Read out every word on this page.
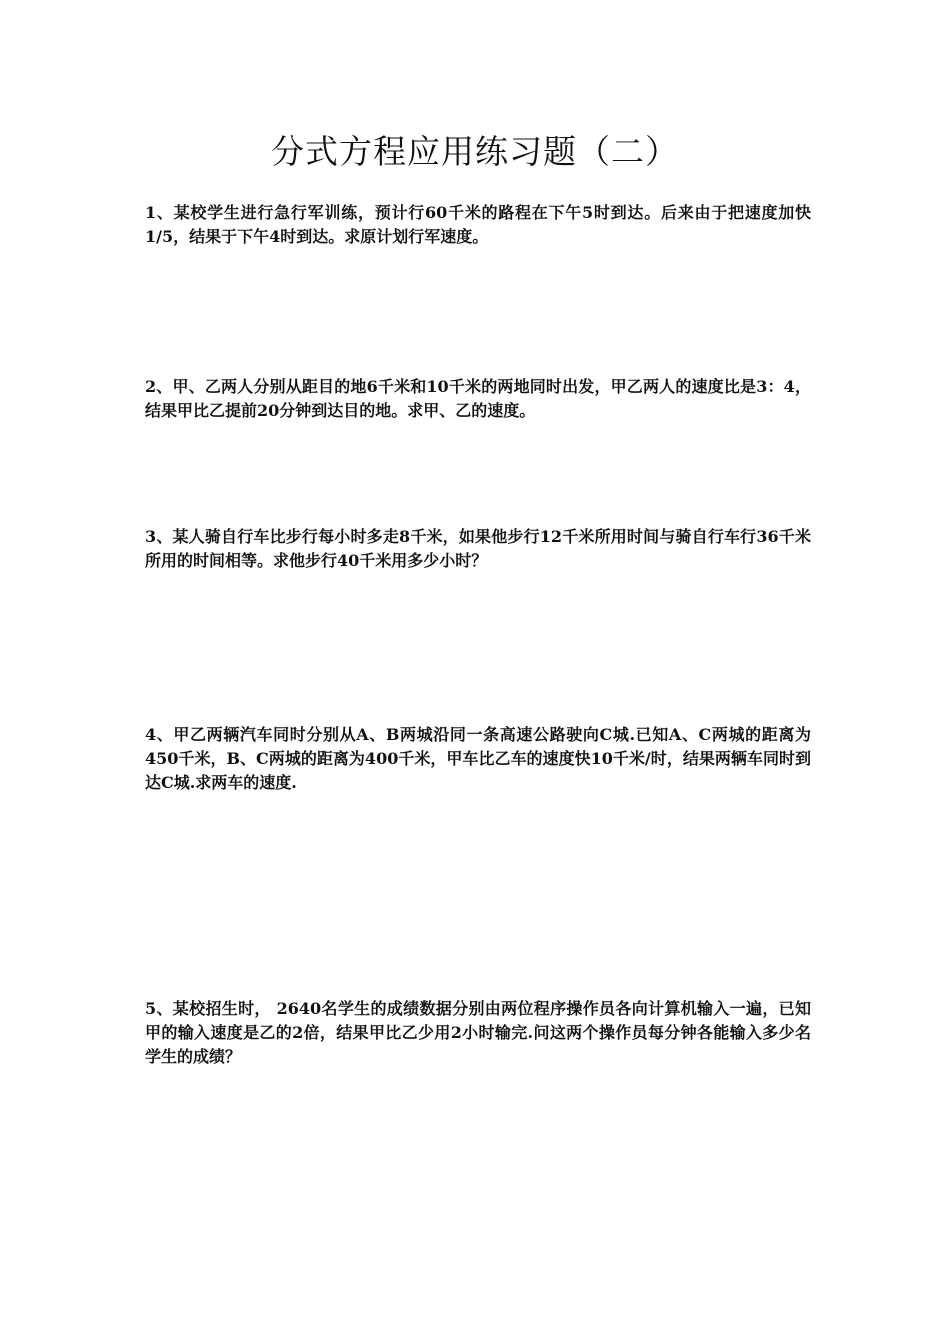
分式方程应用练习题（二）

1、某校学生进行急行军训练，预计行60千米的路程在下午5时到达。后来由于把速度加快1/5，结果于下午4时到达。求原计划行军速度。

2、甲、乙两人分别从距目的地6千米和10千米的两地同时出发，甲乙两人的速度比是3：4，结果甲比乙提前20分钟到达目的地。求甲、乙的速度。

3、某人骑自行车比步行每小时多走8千米，如果他步行12千米所用时间与骑自行车行36千米所用的时间相等。求他步行40千米用多少小时？

4、甲乙两辆汽车同时分别从A、B两城沿同一条高速公路驶向C城.已知A、C两城的距离为450千米，B、C两城的距离为400千米，甲车比乙车的速度快10千米/时，结果两辆车同时到达C城.求两车的速度.

5、某校招生时， 2640名学生的成绩数据分别由两位程序操作员各向计算机输入一遍，已知甲的输入速度是乙的2倍，结果甲比乙少用2小时输完.问这两个操作员每分钟各能输入多少名学生的成绩？
